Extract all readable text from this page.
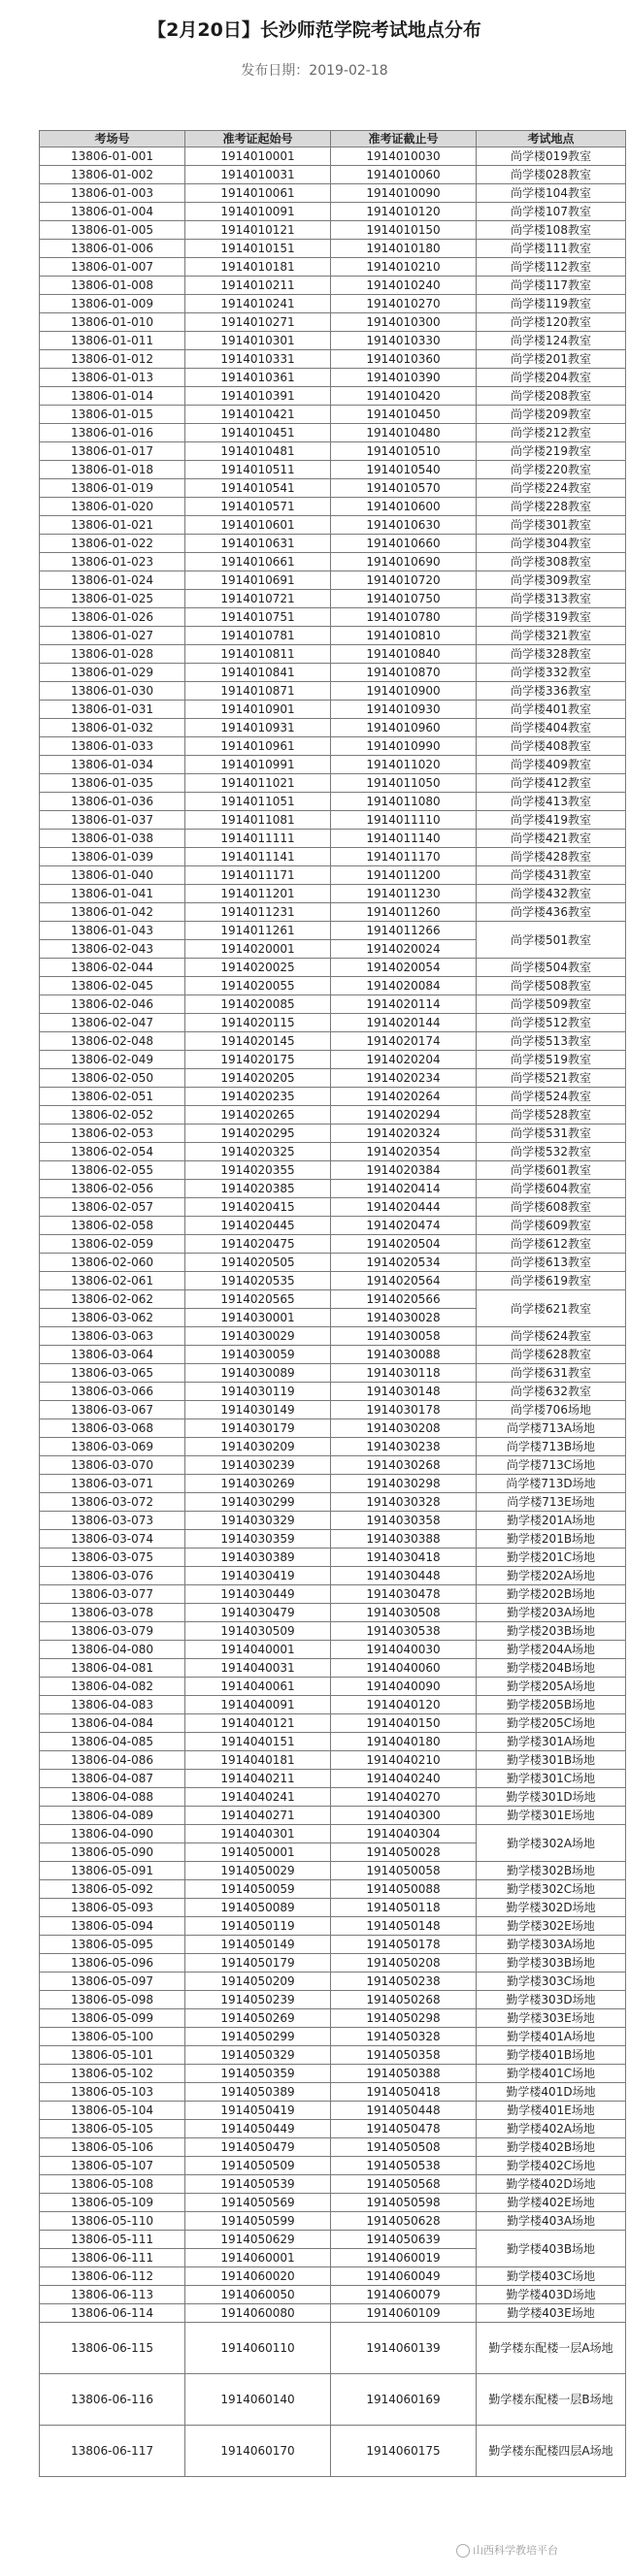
【2月20日】长沙师范学院考试地点分布
发布日期：2019-02-18
考场号	准考证起始号	准考证截止号	考试地点
13806-01-001	1914010001	1914010030	尚学楼019教室
13806-01-002	1914010031	1914010060	尚学楼028教室
13806-01-003	1914010061	1914010090	尚学楼104教室
13806-01-004	1914010091	1914010120	尚学楼107教室
13806-01-005	1914010121	1914010150	尚学楼108教室
13806-01-006	1914010151	1914010180	尚学楼111教室
13806-01-007	1914010181	1914010210	尚学楼112教室
13806-01-008	1914010211	1914010240	尚学楼117教室
13806-01-009	1914010241	1914010270	尚学楼119教室
13806-01-010	1914010271	1914010300	尚学楼120教室
13806-01-011	1914010301	1914010330	尚学楼124教室
13806-01-012	1914010331	1914010360	尚学楼201教室
13806-01-013	1914010361	1914010390	尚学楼204教室
13806-01-014	1914010391	1914010420	尚学楼208教室
13806-01-015	1914010421	1914010450	尚学楼209教室
13806-01-016	1914010451	1914010480	尚学楼212教室
13806-01-017	1914010481	1914010510	尚学楼219教室
13806-01-018	1914010511	1914010540	尚学楼220教室
13806-01-019	1914010541	1914010570	尚学楼224教室
13806-01-020	1914010571	1914010600	尚学楼228教室
13806-01-021	1914010601	1914010630	尚学楼301教室
13806-01-022	1914010631	1914010660	尚学楼304教室
13806-01-023	1914010661	1914010690	尚学楼308教室
13806-01-024	1914010691	1914010720	尚学楼309教室
13806-01-025	1914010721	1914010750	尚学楼313教室
13806-01-026	1914010751	1914010780	尚学楼319教室
13806-01-027	1914010781	1914010810	尚学楼321教室
13806-01-028	1914010811	1914010840	尚学楼328教室
13806-01-029	1914010841	1914010870	尚学楼332教室
13806-01-030	1914010871	1914010900	尚学楼336教室
13806-01-031	1914010901	1914010930	尚学楼401教室
13806-01-032	1914010931	1914010960	尚学楼404教室
13806-01-033	1914010961	1914010990	尚学楼408教室
13806-01-034	1914010991	1914011020	尚学楼409教室
13806-01-035	1914011021	1914011050	尚学楼412教室
13806-01-036	1914011051	1914011080	尚学楼413教室
13806-01-037	1914011081	1914011110	尚学楼419教室
13806-01-038	1914011111	1914011140	尚学楼421教室
13806-01-039	1914011141	1914011170	尚学楼428教室
13806-01-040	1914011171	1914011200	尚学楼431教室
13806-01-041	1914011201	1914011230	尚学楼432教室
13806-01-042	1914011231	1914011260	尚学楼436教室
13806-01-043	1914011261	1914011266	尚学楼501教室
13806-02-043	1914020001	1914020024	
13806-02-044	1914020025	1914020054	尚学楼504教室
13806-02-045	1914020055	1914020084	尚学楼508教室
13806-02-046	1914020085	1914020114	尚学楼509教室
13806-02-047	1914020115	1914020144	尚学楼512教室
13806-02-048	1914020145	1914020174	尚学楼513教室
13806-02-049	1914020175	1914020204	尚学楼519教室
13806-02-050	1914020205	1914020234	尚学楼521教室
13806-02-051	1914020235	1914020264	尚学楼524教室
13806-02-052	1914020265	1914020294	尚学楼528教室
13806-02-053	1914020295	1914020324	尚学楼531教室
13806-02-054	1914020325	1914020354	尚学楼532教室
13806-02-055	1914020355	1914020384	尚学楼601教室
13806-02-056	1914020385	1914020414	尚学楼604教室
13806-02-057	1914020415	1914020444	尚学楼608教室
13806-02-058	1914020445	1914020474	尚学楼609教室
13806-02-059	1914020475	1914020504	尚学楼612教室
13806-02-060	1914020505	1914020534	尚学楼613教室
13806-02-061	1914020535	1914020564	尚学楼619教室
13806-02-062	1914020565	1914020566	尚学楼621教室
13806-03-062	1914030001	1914030028	
13806-03-063	1914030029	1914030058	尚学楼624教室
13806-03-064	1914030059	1914030088	尚学楼628教室
13806-03-065	1914030089	1914030118	尚学楼631教室
13806-03-066	1914030119	1914030148	尚学楼632教室
13806-03-067	1914030149	1914030178	尚学楼706场地
13806-03-068	1914030179	1914030208	尚学楼713A场地
13806-03-069	1914030209	1914030238	尚学楼713B场地
13806-03-070	1914030239	1914030268	尚学楼713C场地
13806-03-071	1914030269	1914030298	尚学楼713D场地
13806-03-072	1914030299	1914030328	尚学楼713E场地
13806-03-073	1914030329	1914030358	勤学楼201A场地
13806-03-074	1914030359	1914030388	勤学楼201B场地
13806-03-075	1914030389	1914030418	勤学楼201C场地
13806-03-076	1914030419	1914030448	勤学楼202A场地
13806-03-077	1914030449	1914030478	勤学楼202B场地
13806-03-078	1914030479	1914030508	勤学楼203A场地
13806-03-079	1914030509	1914030538	勤学楼203B场地
13806-04-080	1914040001	1914040030	勤学楼204A场地
13806-04-081	1914040031	1914040060	勤学楼204B场地
13806-04-082	1914040061	1914040090	勤学楼205A场地
13806-04-083	1914040091	1914040120	勤学楼205B场地
13806-04-084	1914040121	1914040150	勤学楼205C场地
13806-04-085	1914040151	1914040180	勤学楼301A场地
13806-04-086	1914040181	1914040210	勤学楼301B场地
13806-04-087	1914040211	1914040240	勤学楼301C场地
13806-04-088	1914040241	1914040270	勤学楼301D场地
13806-04-089	1914040271	1914040300	勤学楼301E场地
13806-04-090	1914040301	1914040304	勤学楼302A场地
13806-05-090	1914050001	1914050028	
13806-05-091	1914050029	1914050058	勤学楼302B场地
13806-05-092	1914050059	1914050088	勤学楼302C场地
13806-05-093	1914050089	1914050118	勤学楼302D场地
13806-05-094	1914050119	1914050148	勤学楼302E场地
13806-05-095	1914050149	1914050178	勤学楼303A场地
13806-05-096	1914050179	1914050208	勤学楼303B场地
13806-05-097	1914050209	1914050238	勤学楼303C场地
13806-05-098	1914050239	1914050268	勤学楼303D场地
13806-05-099	1914050269	1914050298	勤学楼303E场地
13806-05-100	1914050299	1914050328	勤学楼401A场地
13806-05-101	1914050329	1914050358	勤学楼401B场地
13806-05-102	1914050359	1914050388	勤学楼401C场地
13806-05-103	1914050389	1914050418	勤学楼401D场地
13806-05-104	1914050419	1914050448	勤学楼401E场地
13806-05-105	1914050449	1914050478	勤学楼402A场地
13806-05-106	1914050479	1914050508	勤学楼402B场地
13806-05-107	1914050509	1914050538	勤学楼402C场地
13806-05-108	1914050539	1914050568	勤学楼402D场地
13806-05-109	1914050569	1914050598	勤学楼402E场地
13806-05-110	1914050599	1914050628	勤学楼403A场地
13806-05-111	1914050629	1914050639	勤学楼403B场地
13806-06-111	1914060001	1914060019	
13806-06-112	1914060020	1914060049	勤学楼403C场地
13806-06-113	1914060050	1914060079	勤学楼403D场地
13806-06-114	1914060080	1914060109	勤学楼403E场地
13806-06-115	1914060110	1914060139	勤学楼东配楼一层A场地
13806-06-116	1914060140	1914060169	勤学楼东配楼一层B场地
13806-06-117	1914060170	1914060175	勤学楼东配楼四层A场地
山西科学教培平台
